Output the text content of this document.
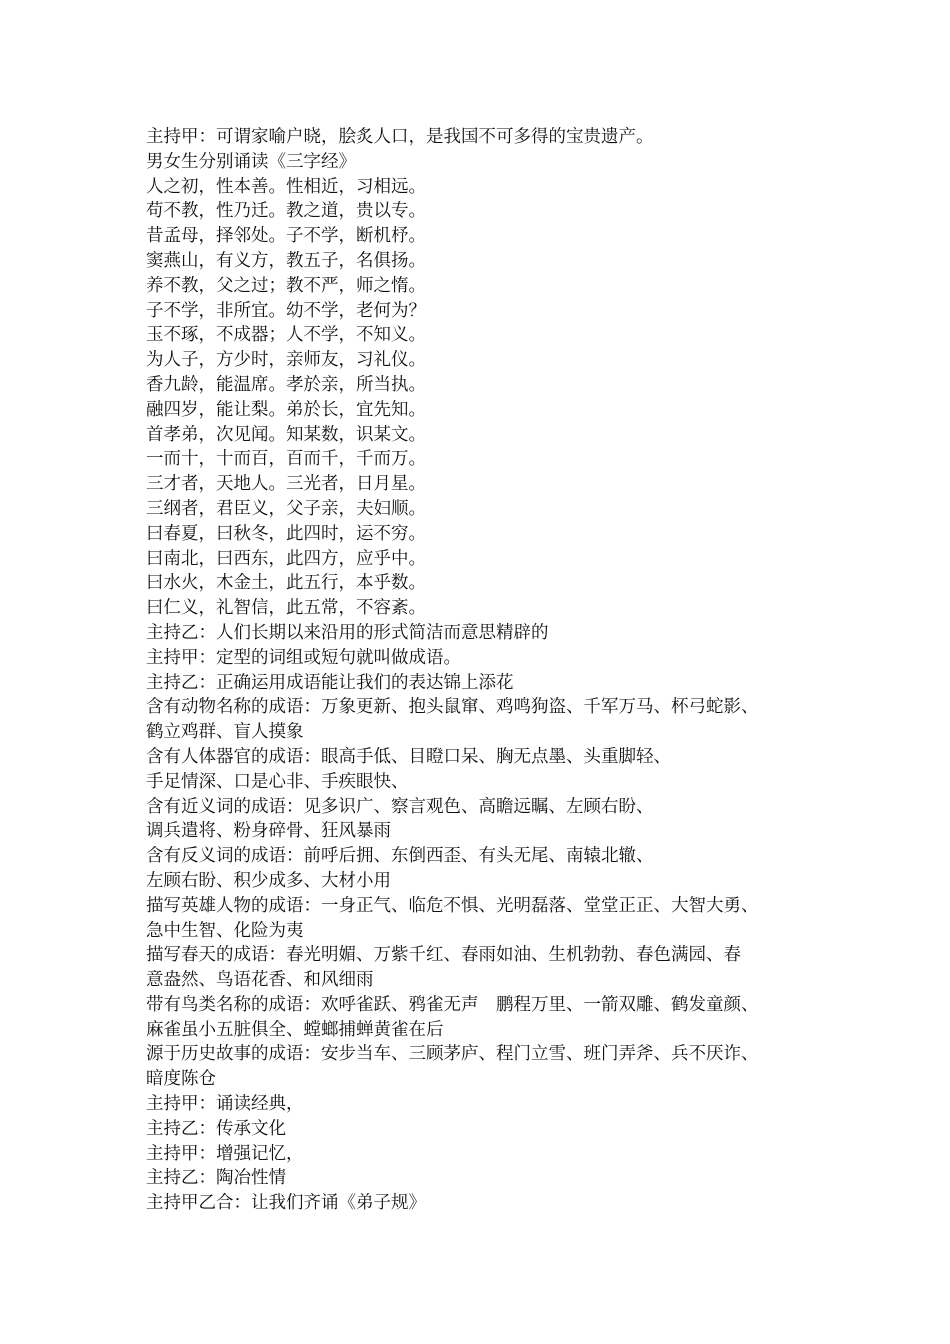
主持甲：可谓家喻户晓，脍炙人口，是我国不可多得的宝贵遗产。

男女生分别诵读《三字经》

人之初，性本善。性相近，习相远。

苟不教，性乃迁。教之道，贵以专。

昔孟母，择邻处。子不学，断机杼。

窦燕山，有义方，教五子，名俱扬。

养不教，父之过；教不严，师之惰。

子不学，非所宜。幼不学，老何为？

玉不琢，不成器；人不学，不知义。

为人子，方少时，亲师友，习礼仪。

香九龄，能温席。孝於亲，所当执。

融四岁，能让梨。弟於长，宜先知。

首孝弟，次见闻。知某数，识某文。

一而十，十而百，百而千，千而万。

三才者，天地人。三光者，日月星。

三纲者，君臣义，父子亲，夫妇顺。

曰春夏，曰秋冬，此四时，运不穷。

曰南北，曰西东，此四方，应乎中。

曰水火，木金土，此五行，本乎数。

曰仁义，礼智信，此五常，不容紊。

主持乙：人们长期以来沿用的形式简洁而意思精辟的

主持甲：定型的词组或短句就叫做成语。

主持乙：正确运用成语能让我们的表达锦上添花

含有动物名称的成语：万象更新、抱头鼠窜、鸡鸣狗盗、千军万马、杯弓蛇影、

鹤立鸡群、盲人摸象

含有人体器官的成语：眼高手低、目瞪口呆、胸无点墨、头重脚轻、

手足情深、口是心非、手疾眼快、

含有近义词的成语：见多识广、察言观色、高瞻远瞩、左顾右盼、

调兵遣将、粉身碎骨、狂风暴雨

含有反义词的成语：前呼后拥、东倒西歪、有头无尾、南辕北辙、

左顾右盼、积少成多、大材小用

描写英雄人物的成语：一身正气、临危不惧、光明磊落、堂堂正正、大智大勇、

急中生智、化险为夷

描写春天的成语：春光明媚、万紫千红、春雨如油、生机勃勃、春色满园、春

意盎然、鸟语花香、和风细雨

带有鸟类名称的成语：欢呼雀跃、鸦雀无声　鹏程万里、一箭双雕、鹤发童颜、

麻雀虽小五脏俱全、螳螂捕蝉黄雀在后

源于历史故事的成语：安步当车、三顾茅庐、程门立雪、班门弄斧、兵不厌诈、

暗度陈仓

主持甲：诵读经典，

主持乙：传承文化

主持甲：增强记忆，

主持乙：陶冶性情

主持甲乙合：让我们齐诵《弟子规》
